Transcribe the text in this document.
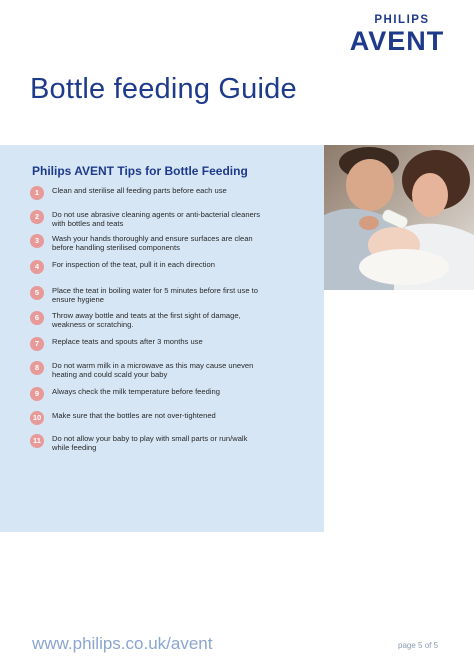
PHILIPS
AVENT
Bottle feeding Guide
Philips AVENT Tips for Bottle Feeding
1	Clean and sterilise all feeding parts before each use
2	Do not use abrasive cleaning agents or anti-bacterial cleaners
with bottles and teats
3	Wash your hands thoroughly and ensure surfaces are clean
before handling sterilised components
4	For inspection of the teat, pull it in each direction
5	Place the teat in boiling water for 5 minutes before first use to
ensure hygiene
6	Throw away bottle and teats at the first sight of damage,
weakness or scratching.
7	Replace teats and spouts after 3 months use
8	Do not warm milk in a microwave as this may cause uneven
heating and could scald your baby
9	Always check the milk temperature before feeding
10	Make sure that the bottles are not over-tightened
11	Do not allow your baby to play with small parts or run/walk
while feeding
www.philips.co.uk/avent	page 5 of 5
